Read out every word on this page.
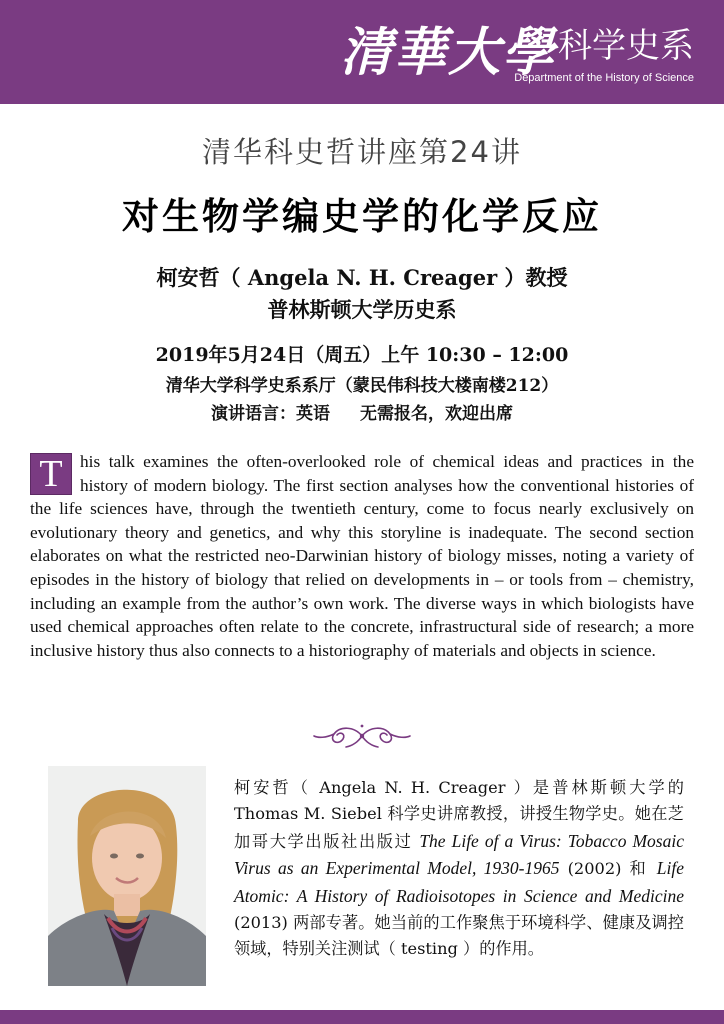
清華大學 科学史系
Department of the History of Science
清华科史哲讲座第24讲
对生物学编史学的化学反应
柯安哲（ Angela N. H. Creager ）教授
普林斯顿大学历史系
2019年5月24日（周五）上午 10:30 – 12:00
清华大学科学史系系厅（蒙民伟科技大楼南楼212）
演讲语言：英语 无需报名，欢迎出席
T	his talk examines the often-overlooked role of chemical ideas and practices in the history of modern biology. The first section analyses how the conventional histories of the life sciences have, through the twentieth century, come to focus nearly exclusively on evolutionary theory and genetics, and why this storyline is inadequate. The second section elaborates on what the restricted neo-Darwinian history of biology misses, noting a variety of episodes in the history of biology that relied on developments in – or tools from – chemistry, including an example from the author’s own work. The diverse ways in which biologists have used chemical approaches often relate to the concrete, infrastructural side of research; a more inclusive history thus also connects to a historiography of materials and objects in science.
柯安哲（ Angela N. H. Creager ）是普林斯顿大学的 Thomas M. Siebel 科学史讲席教授，讲授生物学史。她在芝加哥大学出版社出版过 The Life of a Virus: Tobacco Mosaic Virus as an Experimental Model, 1930-1965 (2002) 和 Life Atomic: A History of Radioisotopes in Science and Medicine (2013) 两部专著。她当前的工作聚焦于环境科学、健康及调控领域，特别关注测试（ testing ）的作用。
